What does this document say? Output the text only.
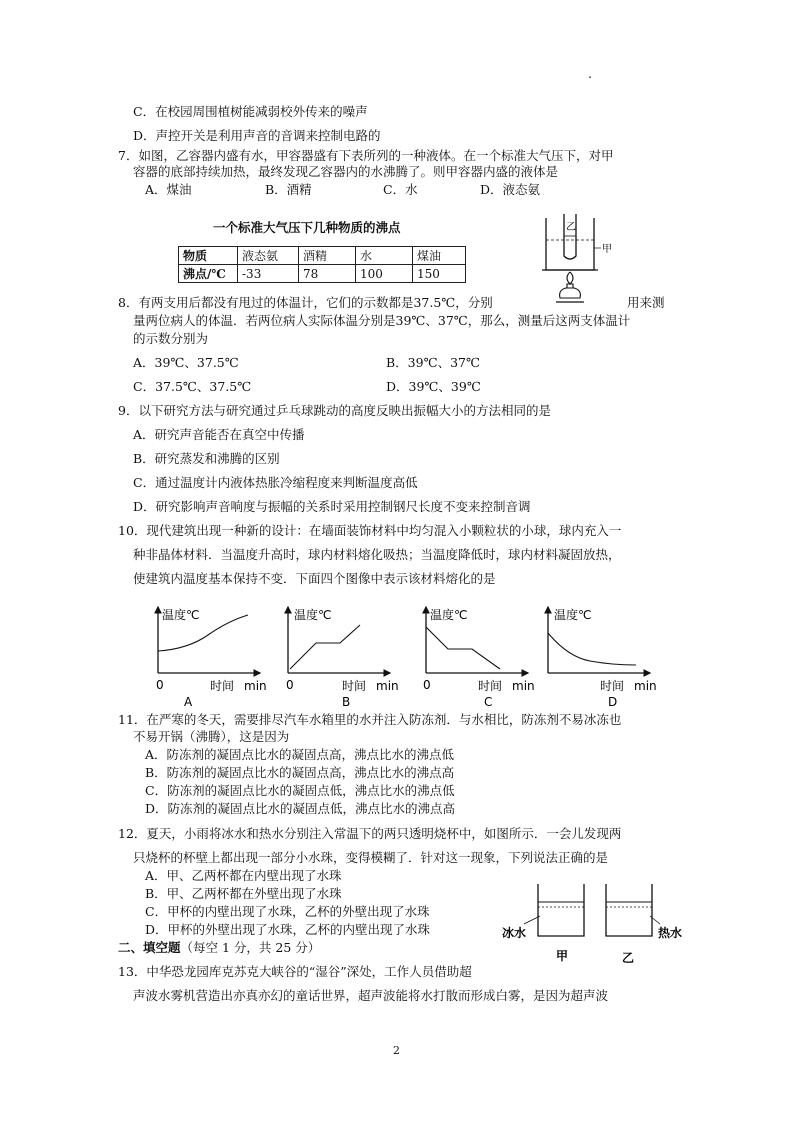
.
C．在校园周围植树能减弱校外传来的噪声
D．声控开关是利用声音的音调来控制电路的
7．如图，乙容器内盛有水，甲容器盛有下表所列的一种液体。在一个标准大气压下，对甲
容器的底部持续加热，最终发现乙容器内的水沸腾了。则甲容器内盛的液体是
A．煤油	B．酒精	C．水	D．液态氨
一个标准大气压下几种物质的沸点
物质	液态氨	酒精	水	煤油
沸点/℃	-33	78	100	150
乙
甲
8．有两支用后都没有甩过的体温计，它们的示数都是37.5℃，分别	用来测
量两位病人的体温．若两位病人实际体温分别是39℃、37℃，那么，测量后这两支体温计
的示数分别为
A．39℃、37.5℃	B．39℃、37℃
C．37.5℃、37.5℃	D．39℃、39℃
9．以下研究方法与研究通过乒乓球跳动的高度反映出振幅大小的方法相同的是
A．研究声音能否在真空中传播
B．研究蒸发和沸腾的区别
C．通过温度计内液体热胀冷缩程度来判断温度高低
D．研究影响声音响度与振幅的关系时采用控制钢尺长度不变来控制音调
10．现代建筑出现一种新的设计：在墙面装饰材料中均匀混入小颗粒状的小球，球内充入一
种非晶体材料．当温度升高时，球内材料熔化吸热；当温度降低时，球内材料凝固放热，
使建筑内温度基本保持不变．下面四个图像中表示该材料熔化的是
温度℃
0	时间 min
A
温度℃
0	时间 min
B
温度℃
0	时间 min
C
温度℃
时间 min
D
11．在严寒的冬天，需要排尽汽车水箱里的水并注入防冻剂．与水相比，防冻剂不易冰冻也
不易开锅（沸腾），这是因为
A．防冻剂的凝固点比水的凝固点高，沸点比水的沸点低
B．防冻剂的凝固点比水的凝固点高，沸点比水的沸点高
C．防冻剂的凝固点比水的凝固点低，沸点比水的沸点低
D．防冻剂的凝固点比水的凝固点低，沸点比水的沸点高
12．夏天，小雨将冰水和热水分别注入常温下的两只透明烧杯中，如图所示．一会儿发现两
只烧杯的杯壁上都出现一部分小水珠，变得模糊了．针对这一现象，下列说法正确的是
A．甲、乙两杯都在内壁出现了水珠
B．甲、乙两杯都在外壁出现了水珠
C．甲杯的内壁出现了水珠，乙杯的外壁出现了水珠
D．甲杯的外壁出现了水珠，乙杯的内壁出现了水珠	冰水	热水
甲	乙
二、填空题（每空 1 分，共 25 分）
13．中华恐龙园库克苏克大峡谷的“湿谷”深处，工作人员借助超
声波水雾机营造出亦真亦幻的童话世界，超声波能将水打散而形成白雾，是因为超声波
2
